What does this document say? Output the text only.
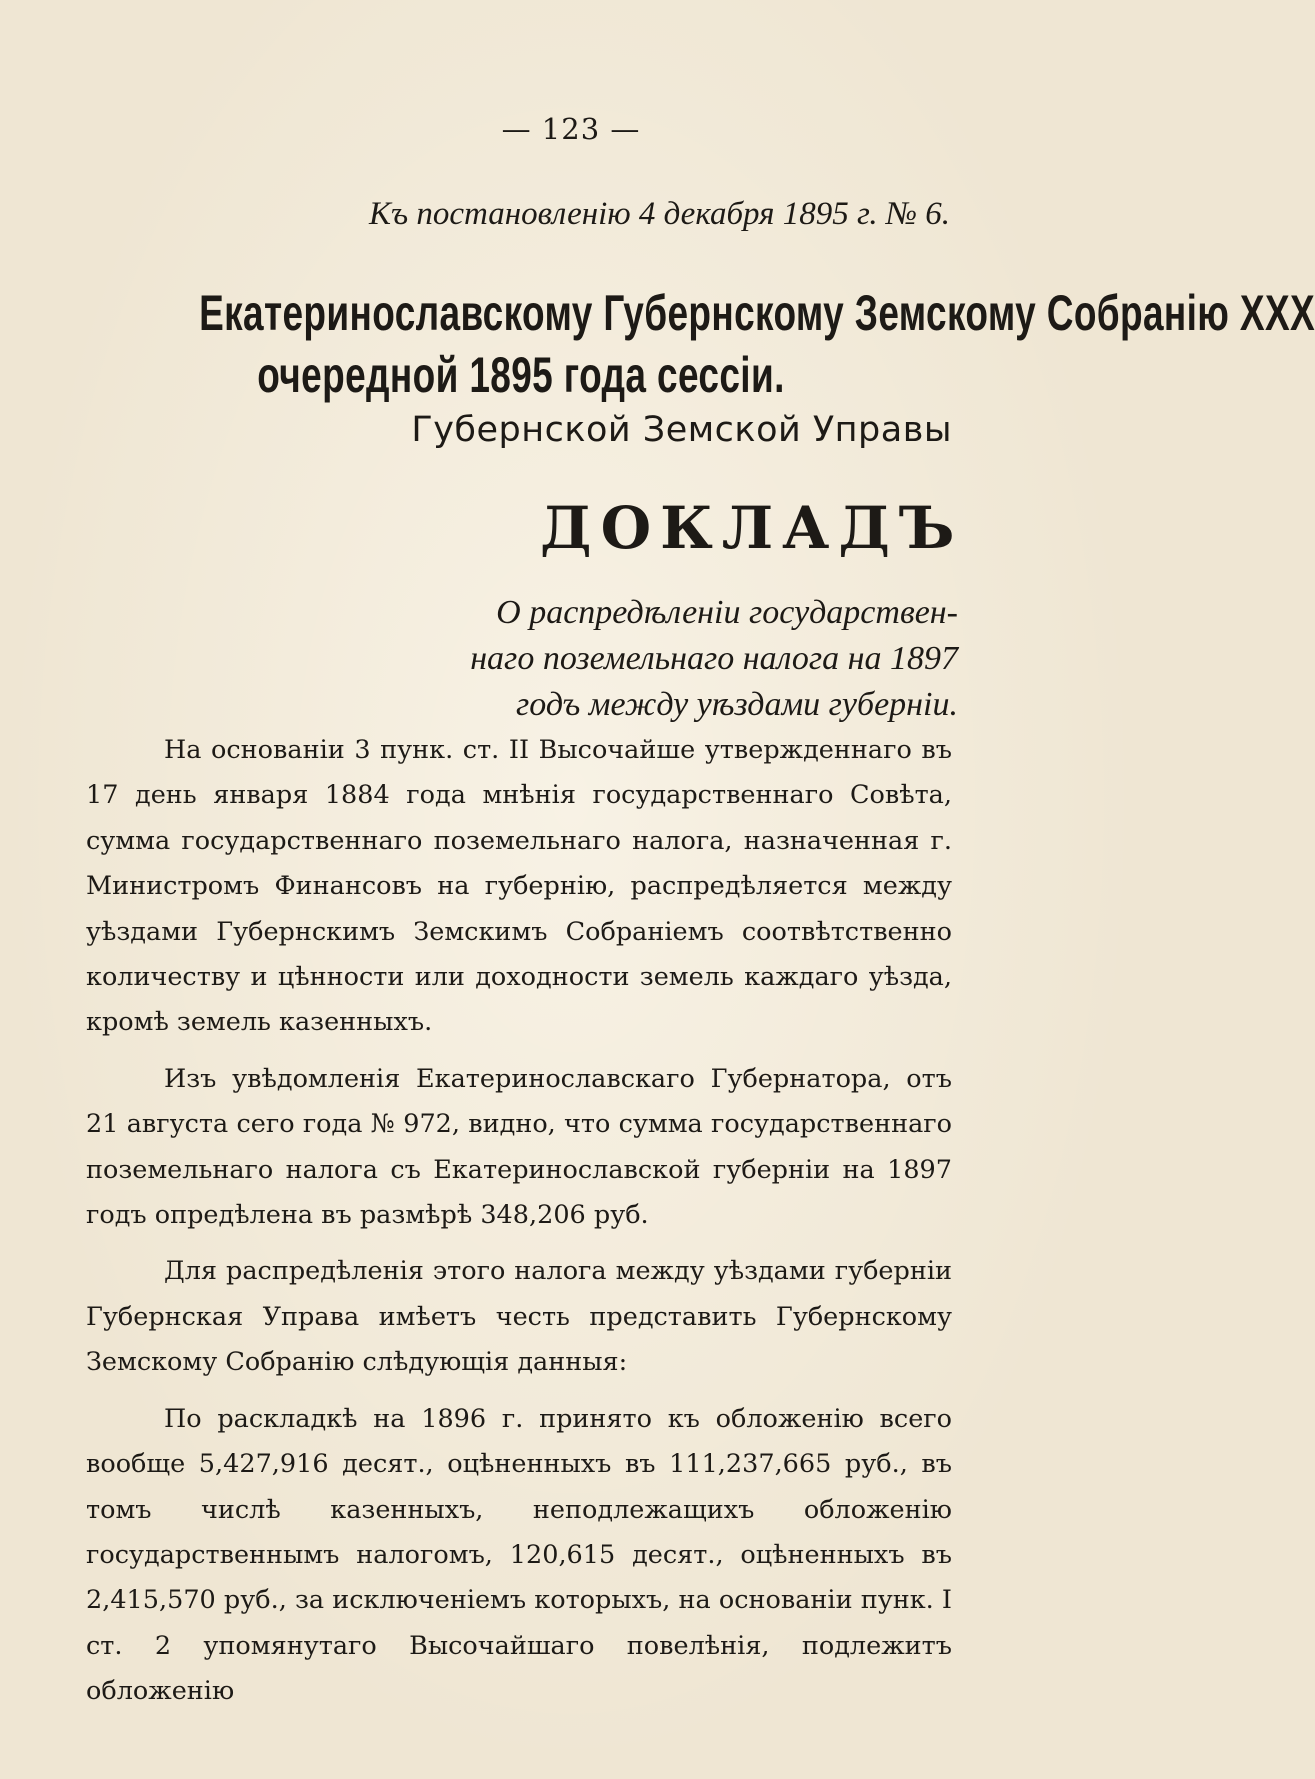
— 123 —
Къ постановленію 4 декабря 1895 г. № 6.
Екатеринославскому Губернскому Земскому Собранію XXX
очередной 1895 года сессіи.
Губернской Земской Управы
ДОКЛАДЪ
О распредѣленіи государствен-
наго поземельнаго налога на 1897
годъ между уѣздами губерніи.

На основаніи 3 пунк. ст. II Высочайше утвержденнаго въ 17 день января 1884 года мнѣнія государственнаго Совѣта, сумма государственнаго поземельнаго налога, назначенная г. Министромъ Финансовъ на губернію, распредѣляется между уѣздами Губернскимъ Земскимъ Собраніемъ соотвѣтственно количеству и цѣнности или доходности земель каждаго уѣзда, кромѣ земель казенныхъ.

Изъ увѣдомленія Екатеринославскаго Губернатора, отъ 21 августа сего года № 972, видно, что сумма государственнаго поземельнаго налога съ Екатеринославской губерніи на 1897 годъ опредѣлена въ размѣрѣ 348,206 руб.

Для распредѣленія этого налога между уѣздами губерніи Губернская Управа имѣетъ честь представить Губернскому Земскому Собранію слѣдующія данныя:

По раскладкѣ на 1896 г. принято къ обложенію всего вообще 5,427,916 десят., оцѣненныхъ въ 111,237,665 руб., въ томъ числѣ казенныхъ, неподлежащихъ обложенію государственнымъ налогомъ, 120,615 десят., оцѣненныхъ въ 2,415,570 руб., за исключеніемъ которыхъ, на основаніи пунк. I ст. 2 упомянутаго Высочайшаго повелѣнія, подлежитъ обложенію
